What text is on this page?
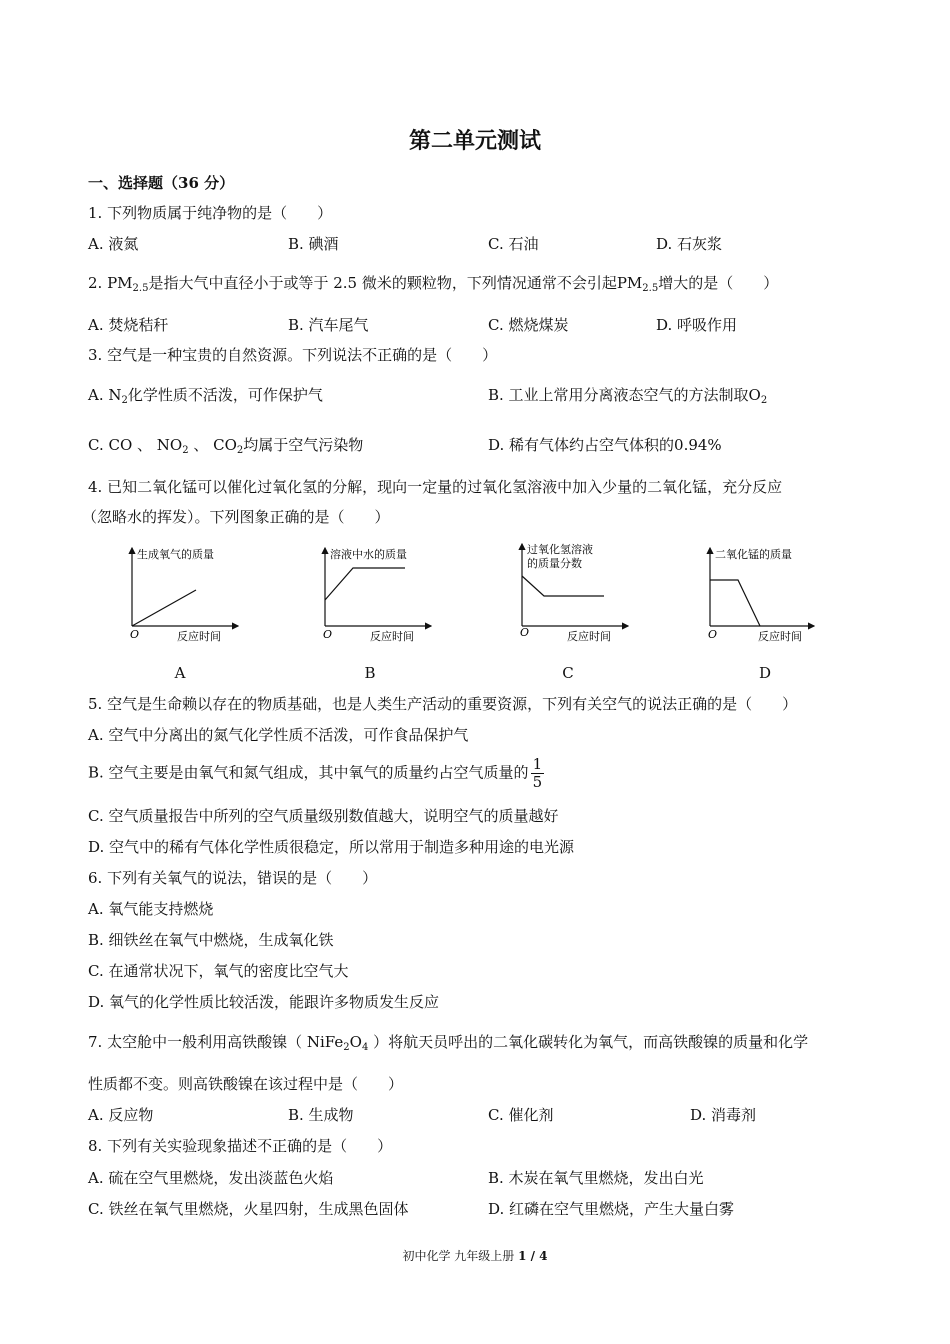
第二单元测试
一、选择题（36 分）
1. 下列物质属于纯净物的是（　　）
A. 液氮	B. 碘酒	C. 石油	D. 石灰浆
2. $PM_{2.5}$是指大气中直径小于或等于 2.5 微米的颗粒物，下列情况通常不会引起$PM_{2.5}$增大的是（　　）
A. 焚烧秸秆	B. 汽车尾气	C. 燃烧煤炭	D. 呼吸作用
3. 空气是一种宝贵的自然资源。下列说法不正确的是（　　）
A. $N_2$化学性质不活泼，可作保护气	B. 工业上常用分离液态空气的方法制取$O_2$
C. CO 、 $NO_2$ 、 $CO_2$均属于空气污染物	D. 稀有气体约占空气体积的0.94%
4. 已知二氧化锰可以催化过氧化氢的分解，现向一定量的过氧化氢溶液中加入少量的二氧化锰，充分反应
（忽略水的挥发）。下列图象正确的是（　　）
生成氧气的质量
反应时间
O
溶液中水的质量
反应时间
O
过氧化氢溶液
的质量分数
反应时间
O
二氧化锰的质量
反应时间
O
A	B	C	D
5. 空气是生命赖以存在的物质基础，也是人类生产活动的重要资源，下列有关空气的说法正确的是（　　）
A. 空气中分离出的氮气化学性质不活泼，可作食品保护气
B. 空气主要是由氧气和氮气组成，其中氧气的质量约占空气质量的 $\frac{1}{5}$
C. 空气质量报告中所列的空气质量级别数值越大，说明空气的质量越好
D. 空气中的稀有气体化学性质很稳定，所以常用于制造多种用途的电光源
6. 下列有关氧气的说法，错误的是（　　）
A. 氧气能支持燃烧
B. 细铁丝在氧气中燃烧，生成氧化铁
C. 在通常状况下，氧气的密度比空气大
D. 氧气的化学性质比较活泼，能跟许多物质发生反应
7. 太空舱中一般利用高铁酸镍（ $NiFe_2O_4$ ）将航天员呼出的二氧化碳转化为氧气，而高铁酸镍的质量和化学
性质都不变。则高铁酸镍在该过程中是（　　）
A. 反应物	B. 生成物	C. 催化剂	D. 消毒剂
8. 下列有关实验现象描述不正确的是（　　）
A. 硫在空气里燃烧，发出淡蓝色火焰	B. 木炭在氧气里燃烧，发出白光
C. 铁丝在氧气里燃烧，火星四射，生成黑色固体	D. 红磷在空气里燃烧，产生大量白雾
初中化学 九年级上册 1 / 4
